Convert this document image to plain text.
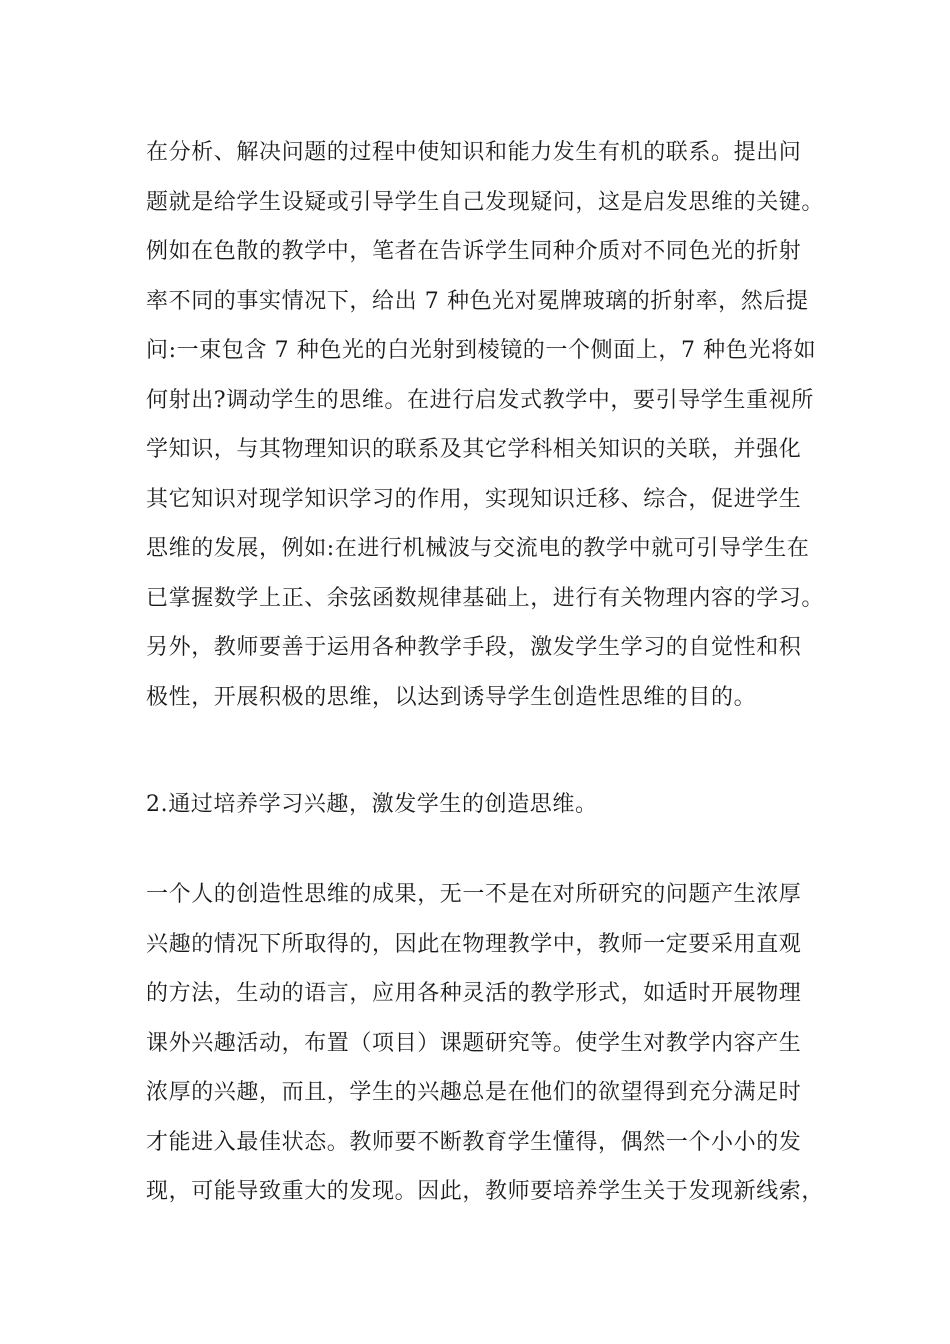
在分析、解决问题的过程中使知识和能力发生有机的联系。提出问
题就是给学生设疑或引导学生自己发现疑问，这是启发思维的关键。
例如在色散的教学中，笔者在告诉学生同种介质对不同色光的折射
率不同的事实情况下，给出 7 种色光对冕牌玻璃的折射率，然后提
问:一束包含 7 种色光的白光射到棱镜的一个侧面上，7 种色光将如
何射出?调动学生的思维。在进行启发式教学中，要引导学生重视所
学知识，与其物理知识的联系及其它学科相关知识的关联，并强化
其它知识对现学知识学习的作用，实现知识迁移、综合，促进学生
思维的发展，例如:在进行机械波与交流电的教学中就可引导学生在
已掌握数学上正、余弦函数规律基础上，进行有关物理内容的学习。
另外，教师要善于运用各种教学手段，激发学生学习的自觉性和积
极性，开展积极的思维，以达到诱导学生创造性思维的目的。
2.通过培养学习兴趣，激发学生的创造思维。
一个人的创造性思维的成果，无一不是在对所研究的问题产生浓厚
兴趣的情况下所取得的，因此在物理教学中，教师一定要采用直观
的方法，生动的语言，应用各种灵活的教学形式，如适时开展物理
课外兴趣活动，布置（项目）课题研究等。使学生对教学内容产生
浓厚的兴趣，而且，学生的兴趣总是在他们的欲望得到充分满足时
才能进入最佳状态。教师要不断教育学生懂得，偶然一个小小的发
现，可能导致重大的发现。因此，教师要培养学生关于发现新线索，
